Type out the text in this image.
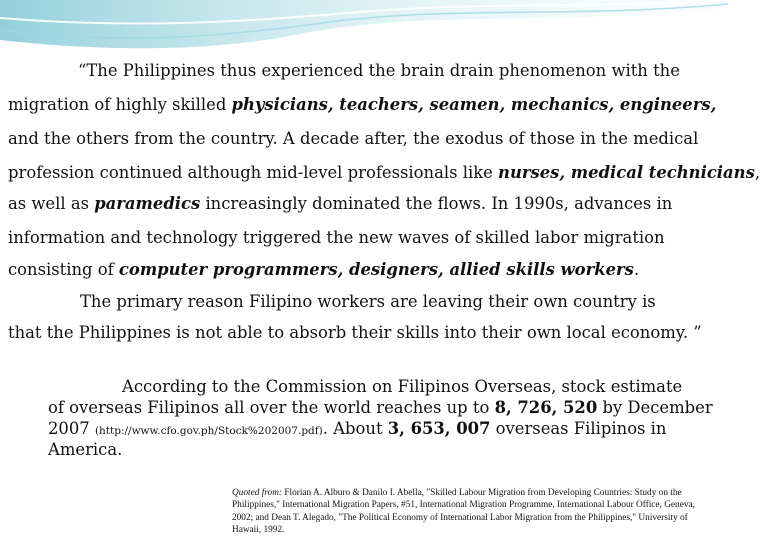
“The Philippines thus experienced the brain drain phenomenon with the
migration of highly skilled physicians, teachers, seamen, mechanics, engineers,
and the others from the country. A decade after, the exodus of those in the medical
profession continued although mid-level professionals like nurses, medical technicians,
as well as paramedics increasingly dominated the flows. In 1990s, advances in
information and technology triggered the new waves of skilled labor migration
consisting of computer programmers, designers, allied skills workers.
The primary reason Filipino workers are leaving their own country is
that the Philippines is not able to absorb their skills into their own local economy. ”
According to the Commission on Filipinos Overseas, stock estimate
of overseas Filipinos all over the world reaches up to 8, 726, 520 by December
2007 (http://www.cfo.gov.ph/Stock%202007.pdf). About 3, 653, 007 overseas Filipinos in
America.
Quoted from: Florian A. Alburo & Danilo I. Abella, "Skilled Labour Migration from Developing Countries: Study on the Philippines," International Migration Papers, #51, International Migration Programme, International Labour Office, Geneva, 2002; and Dean T. Alegado, "The Political Economy of International Labor Migration from the Philippines," University of Hawaii, 1992.
